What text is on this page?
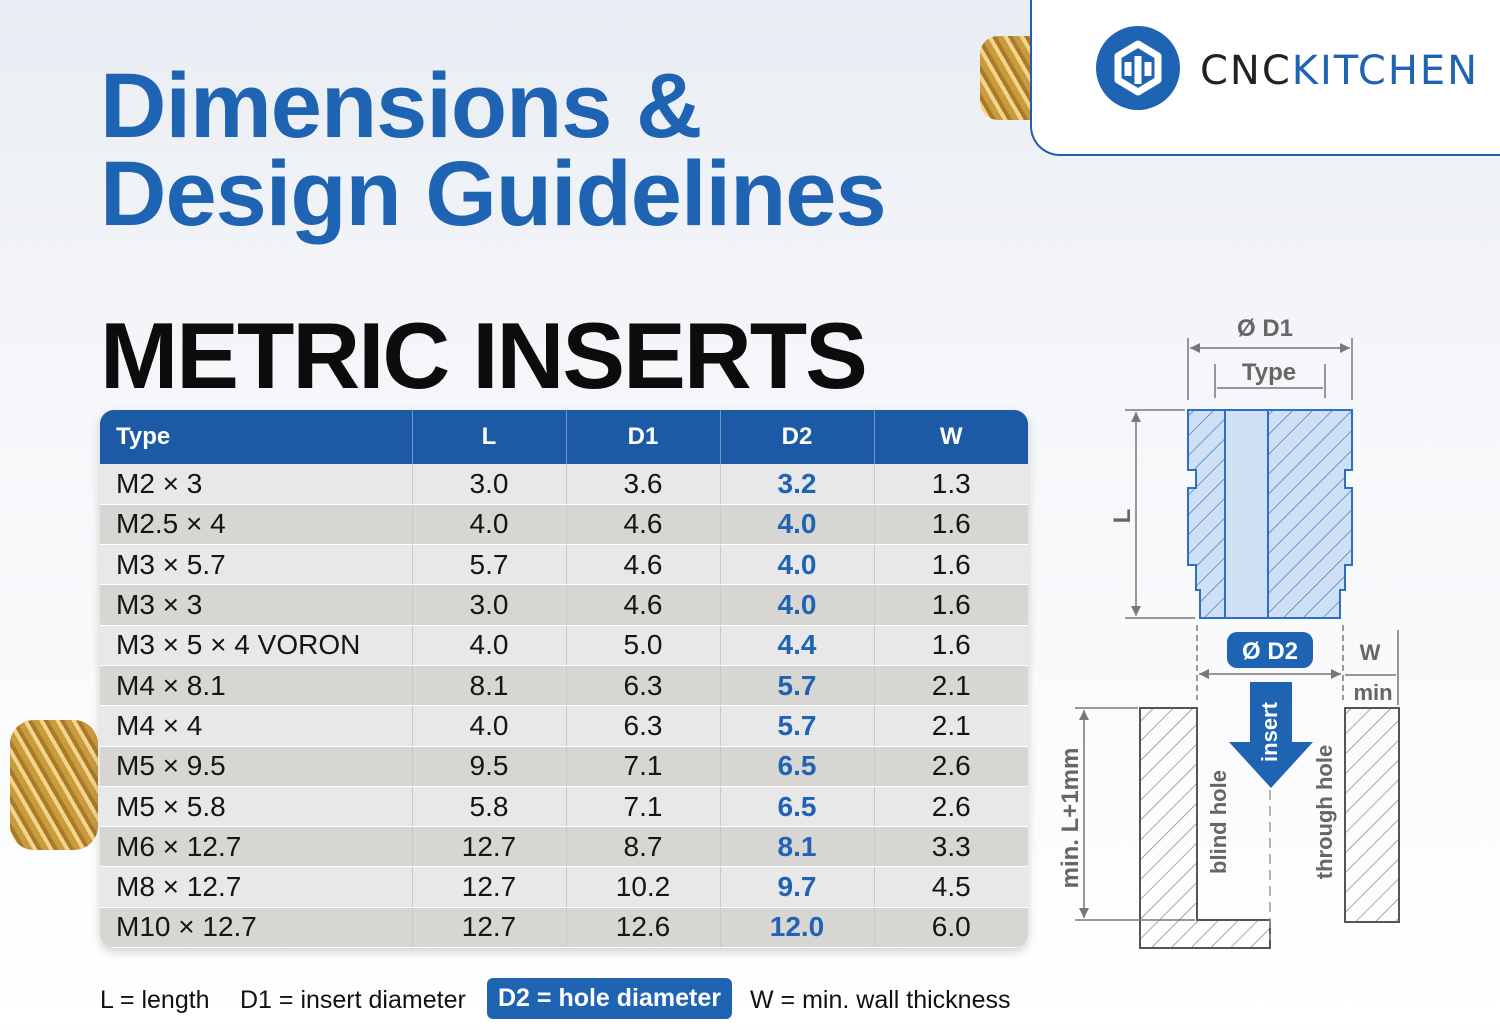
CNCKITCHEN
Dimensions &
Design Guidelines
METRIC INSERTS
Type	L	D1	D2	W
M2 × 3	3.0	3.6	3.2	1.3
M2.5 × 4	4.0	4.6	4.0	1.6
M3 × 5.7	5.7	4.6	4.0	1.6
M3 × 3	3.0	4.6	4.0	1.6
M3 × 5 × 4 VORON	4.0	5.0	4.4	1.6
M4 × 8.1	8.1	6.3	5.7	2.1
M4 × 4	4.0	6.3	5.7	2.1
M5 × 9.5	9.5	7.1	6.5	2.6
M5 × 5.8	5.8	7.1	6.5	2.6
M6 × 12.7	12.7	8.7	8.1	3.3
M8 × 12.7	12.7	10.2	9.7	4.5
M10 × 12.7	12.7	12.6	12.0	6.0
L = length D1 = insert diameter	D2 = hole diameter	W = min. wall thickness
Ø D1
Type
L
Ø D2	W
min
insert
min. L+1mm	blind hole	through hole
